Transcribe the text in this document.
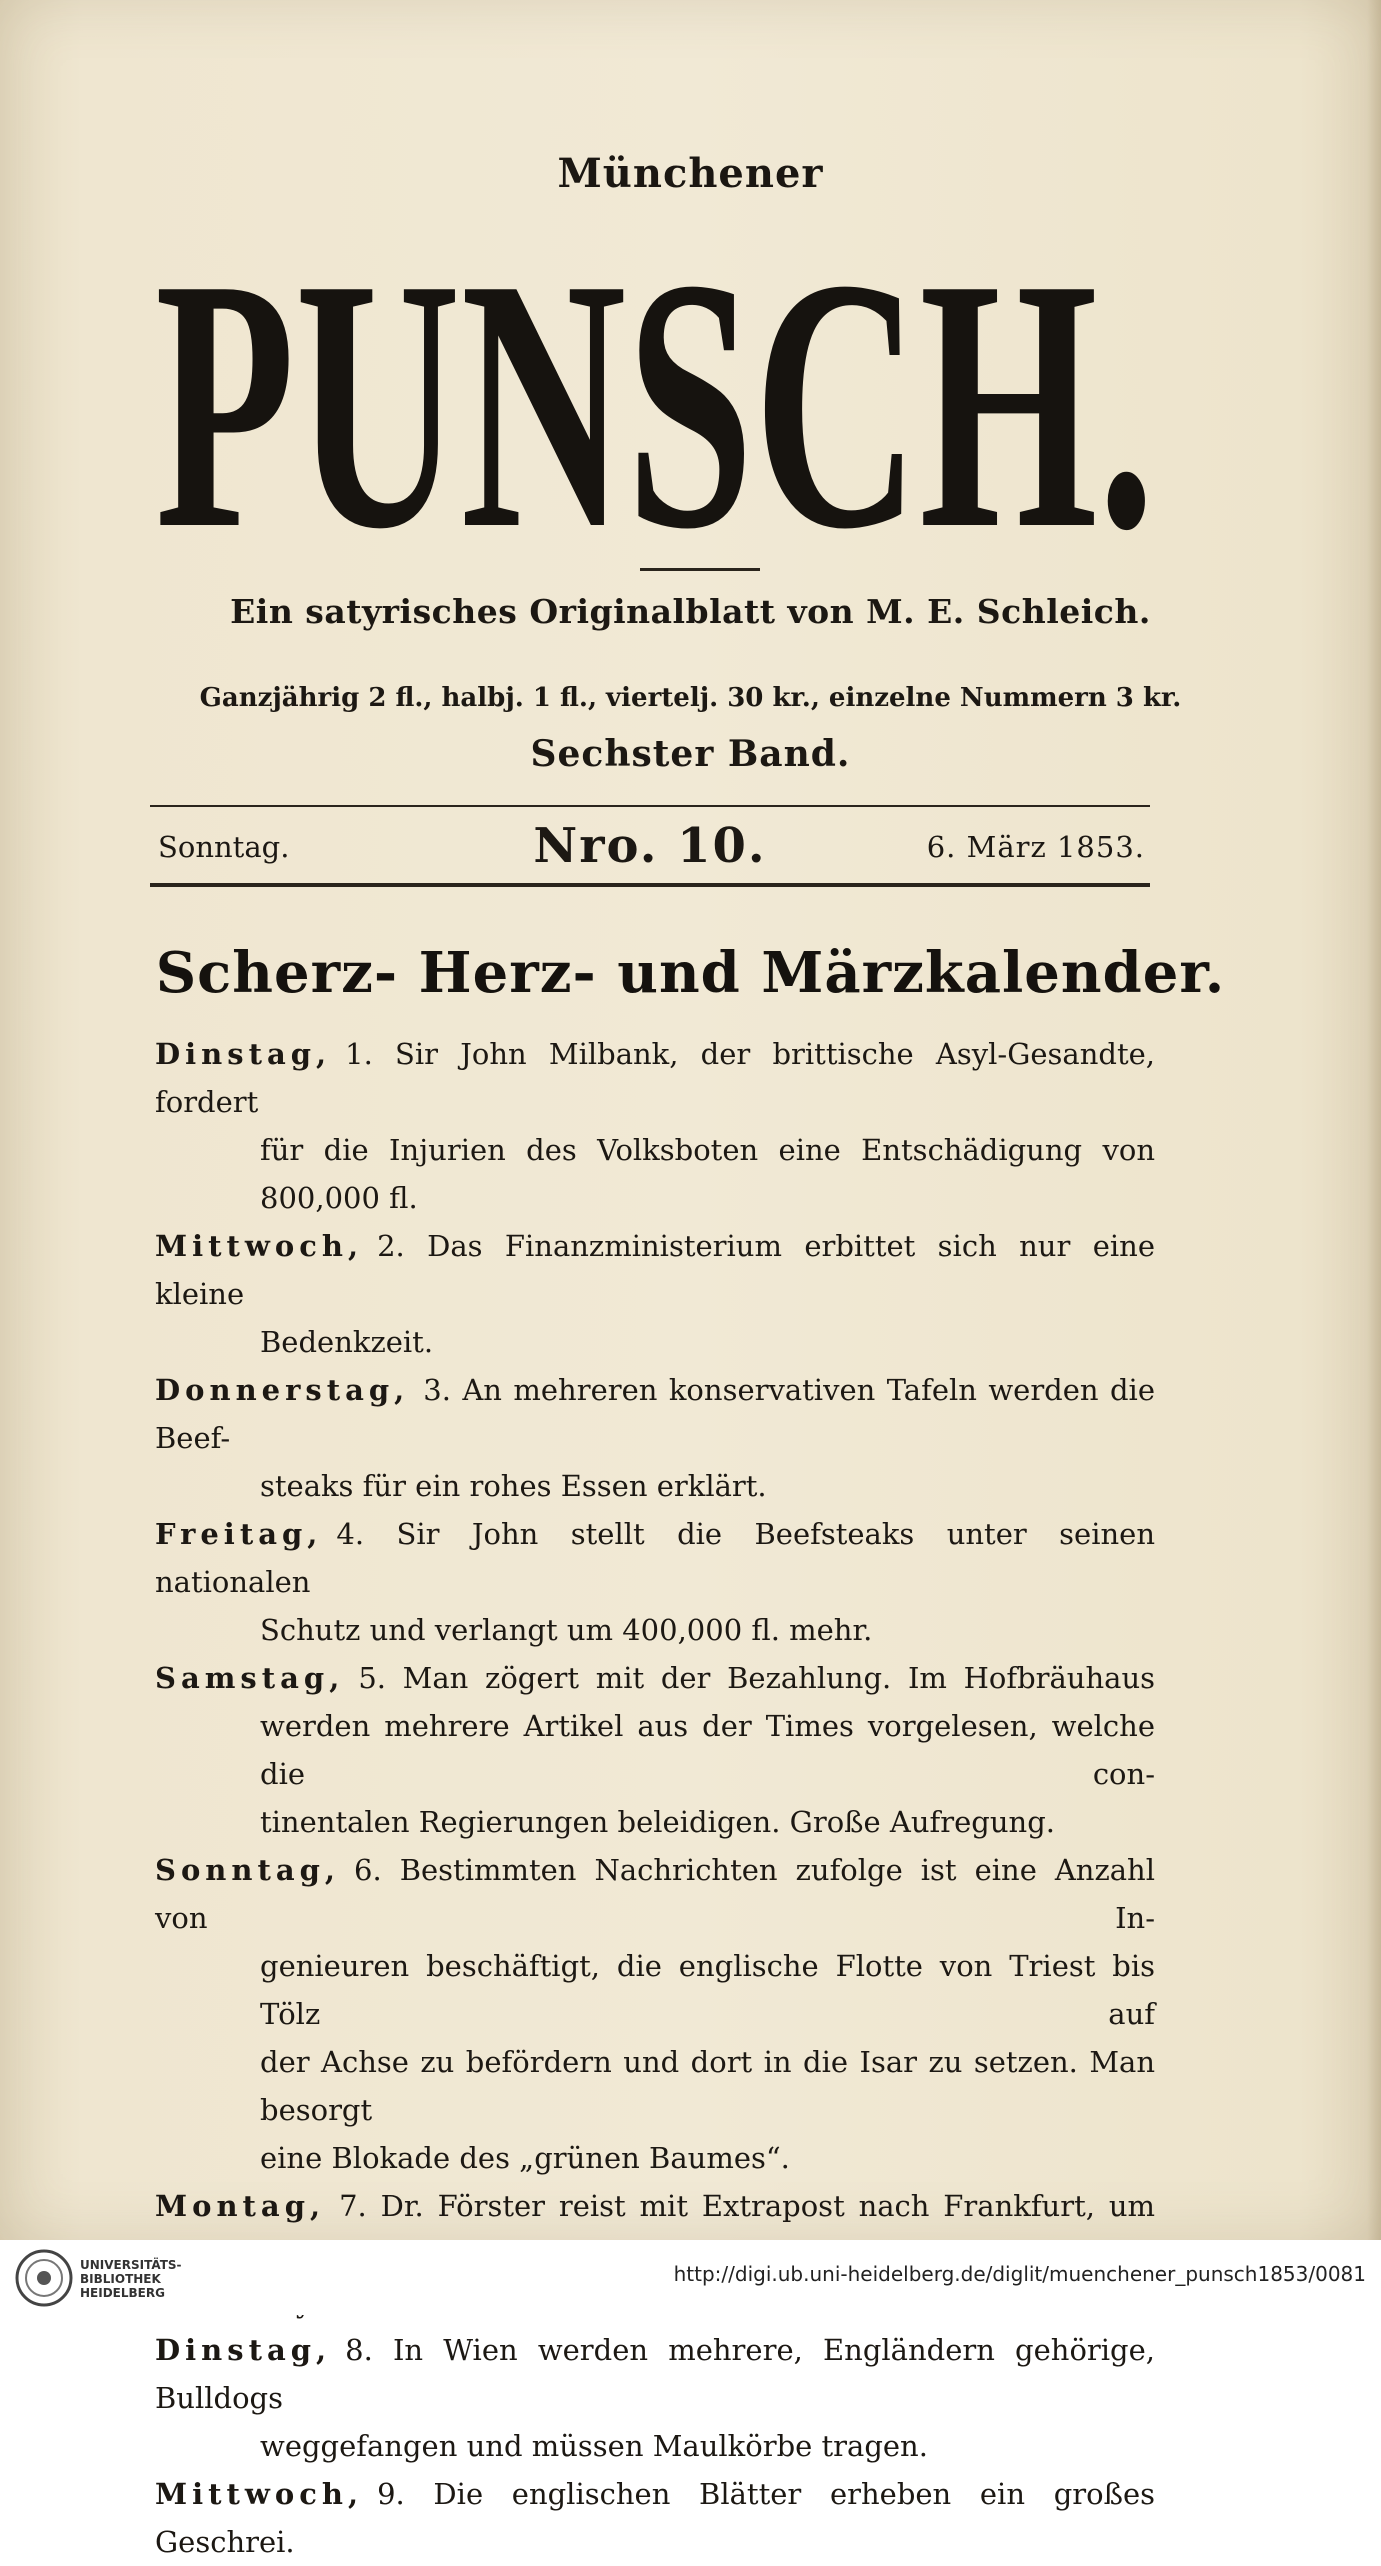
Münchener
PUNSCH.
Ein satyrisches Originalblatt von M. E. Schleich.
Ganzjährig 2 fl., halbj. 1 fl., viertelj. 30 kr., einzelne Nummern 3 kr.
Sechster Band.
Sonntag.	Nro. 10.	6. März 1853.
Scherz- Herz- und Märzkalender.

Dinstag, 1. Sir John Milbank, der brittische Asyl-Gesandte, fordert

für die Injurien des Volksboten eine Entschädigung von 800,000 fl.

Mittwoch, 2. Das Finanzministerium erbittet sich nur eine kleine

Bedenkzeit.

Donnerstag, 3. An mehreren konservativen Tafeln werden die Beef-

steaks für ein rohes Essen erklärt.

Freitag, 4. Sir John stellt die Beefsteaks unter seinen nationalen

Schutz und verlangt um 400,000 fl. mehr.

Samstag, 5. Man zögert mit der Bezahlung. Im Hofbräuhaus

werden mehrere Artikel aus der Times vorgelesen, welche die con-

tinentalen Regierungen beleidigen. Große Aufregung.

Sonntag, 6. Bestimmten Nachrichten zufolge ist eine Anzahl von In-

genieuren beschäftigt, die englische Flotte von Triest bis Tölz auf

der Achse zu befördern und dort in die Isar zu setzen. Man besorgt

eine Blokade des „grünen Baumes“.

Montag, 7. Dr. Förster reist mit Extrapost nach Frankfurt, um

Dinstag, 8. In Wien werden mehrere, Engländern gehörige, Bulldogs

weggefangen und müssen Maulkörbe tragen.

Mittwoch, 9. Die englischen Blätter erheben ein großes Geschrei.

UNIVERSITÄTS-
BIBLIOTHEK
HEIDELBERG
http://digi.ub.uni-heidelberg.de/diglit/muenchener_punsch1853/0081
